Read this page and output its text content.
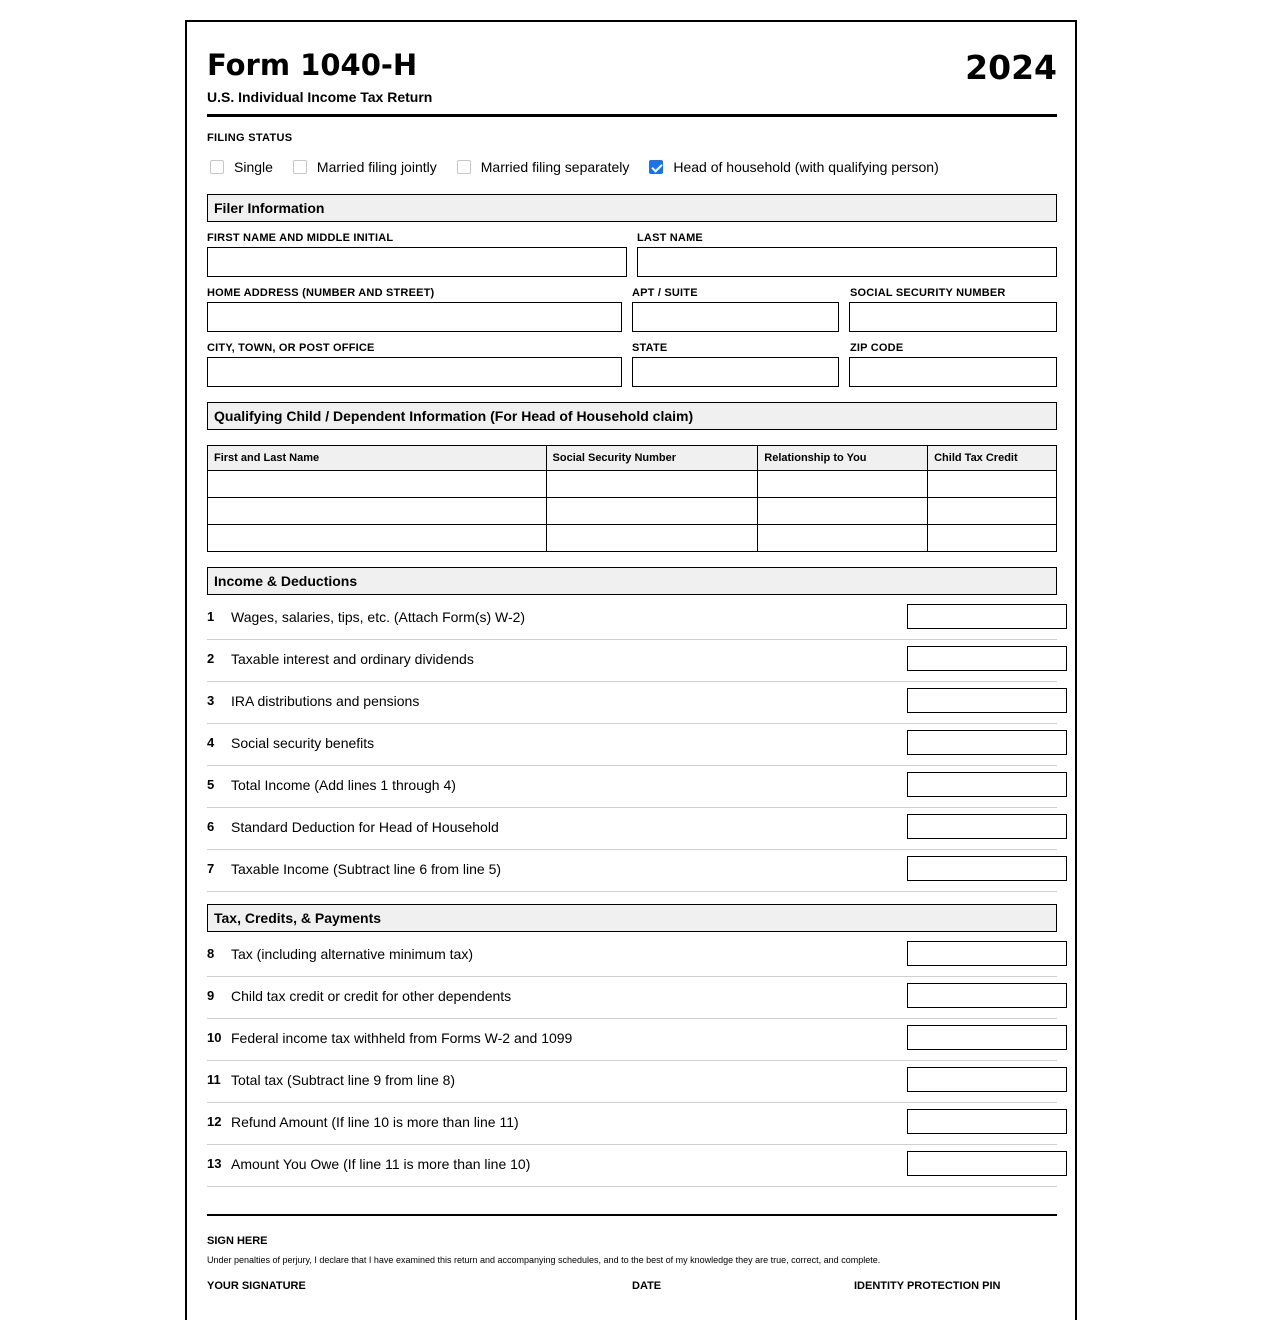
Form 1040-H
U.S. Individual Income Tax Return
2024
FILING STATUS
Single	Married filing jointly	Married filing separately	Head of household (with qualifying person)
Filer Information
FIRST NAME AND MIDDLE INITIAL	LAST NAME
HOME ADDRESS (NUMBER AND STREET)	APT / SUITE	SOCIAL SECURITY NUMBER
CITY, TOWN, OR POST OFFICE	STATE	ZIP CODE
Qualifying Child / Dependent Information (For Head of Household claim)
First and Last Name	Social Security Number	Relationship to You	Child Tax Credit

Income & Deductions
1 Wages, salaries, tips, etc. (Attach Form(s) W-2)
2 Taxable interest and ordinary dividends
3 IRA distributions and pensions
4 Social security benefits
5 Total Income (Add lines 1 through 4)
6 Standard Deduction for Head of Household
7 Taxable Income (Subtract line 6 from line 5)
Tax, Credits, & Payments
8 Tax (including alternative minimum tax)
9 Child tax credit or credit for other dependents
10 Federal income tax withheld from Forms W-2 and 1099
11 Total tax (Subtract line 9 from line 8)
12 Refund Amount (If line 10 is more than line 11)
13 Amount You Owe (If line 11 is more than line 10)
SIGN HERE
Under penalties of perjury, I declare that I have examined this return and accompanying schedules, and to the best of my knowledge they are true, correct, and complete.
YOUR SIGNATURE	DATE	IDENTITY PROTECTION PIN
